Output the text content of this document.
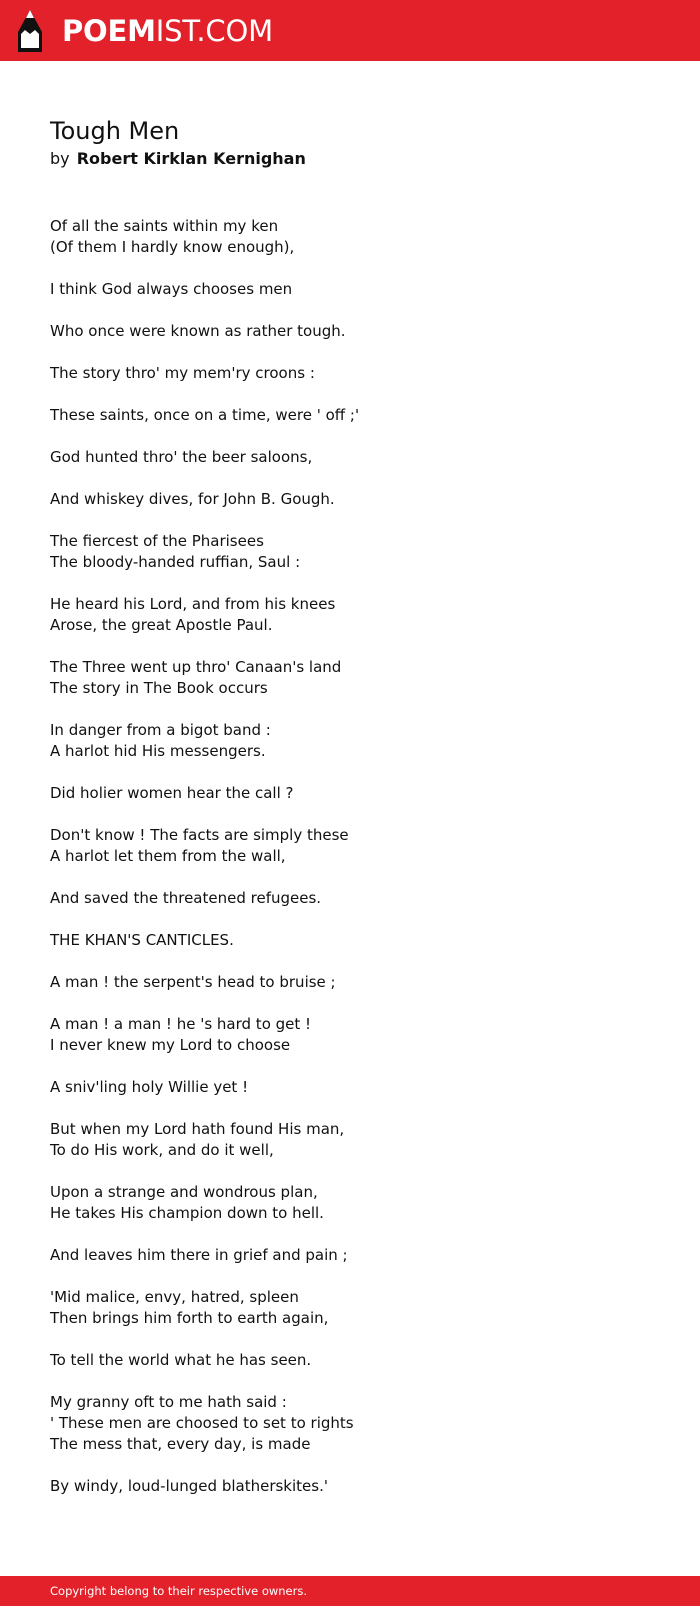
POEMIST.COM
Tough Men
by Robert Kirklan Kernighan
Of all the saints within my ken
(Of them I hardly know enough),
I think God always chooses men
Who once were known as rather tough.
The story thro' my mem'ry croons :
These saints, once on a time, were ' off ;'
God hunted thro' the beer saloons,
And whiskey dives, for John B. Gough.
The fiercest of the Pharisees
The bloody-handed ruffian, Saul :
He heard his Lord, and from his knees
Arose, the great Apostle Paul.
The Three went up thro' Canaan's land
The story in The Book occurs
In danger from a bigot band :
A harlot hid His messengers.
Did holier women hear the call ?
Don't know ! The facts are simply these
A harlot let them from the wall,
And saved the threatened refugees.
THE KHAN'S CANTICLES.
A man ! the serpent's head to bruise ;
A man ! a man ! he 's hard to get !
I never knew my Lord to choose
A sniv'ling holy Willie yet !
But when my Lord hath found His man,
To do His work, and do it well,
Upon a strange and wondrous plan,
He takes His champion down to hell.
And leaves him there in grief and pain ;
'Mid malice, envy, hatred, spleen
Then brings him forth to earth again,
To tell the world what he has seen.
My granny oft to me hath said :
' These men are choosed to set to rights
The mess that, every day, is made
By windy, loud-lunged blatherskites.'
Copyright belong to their respective owners.
